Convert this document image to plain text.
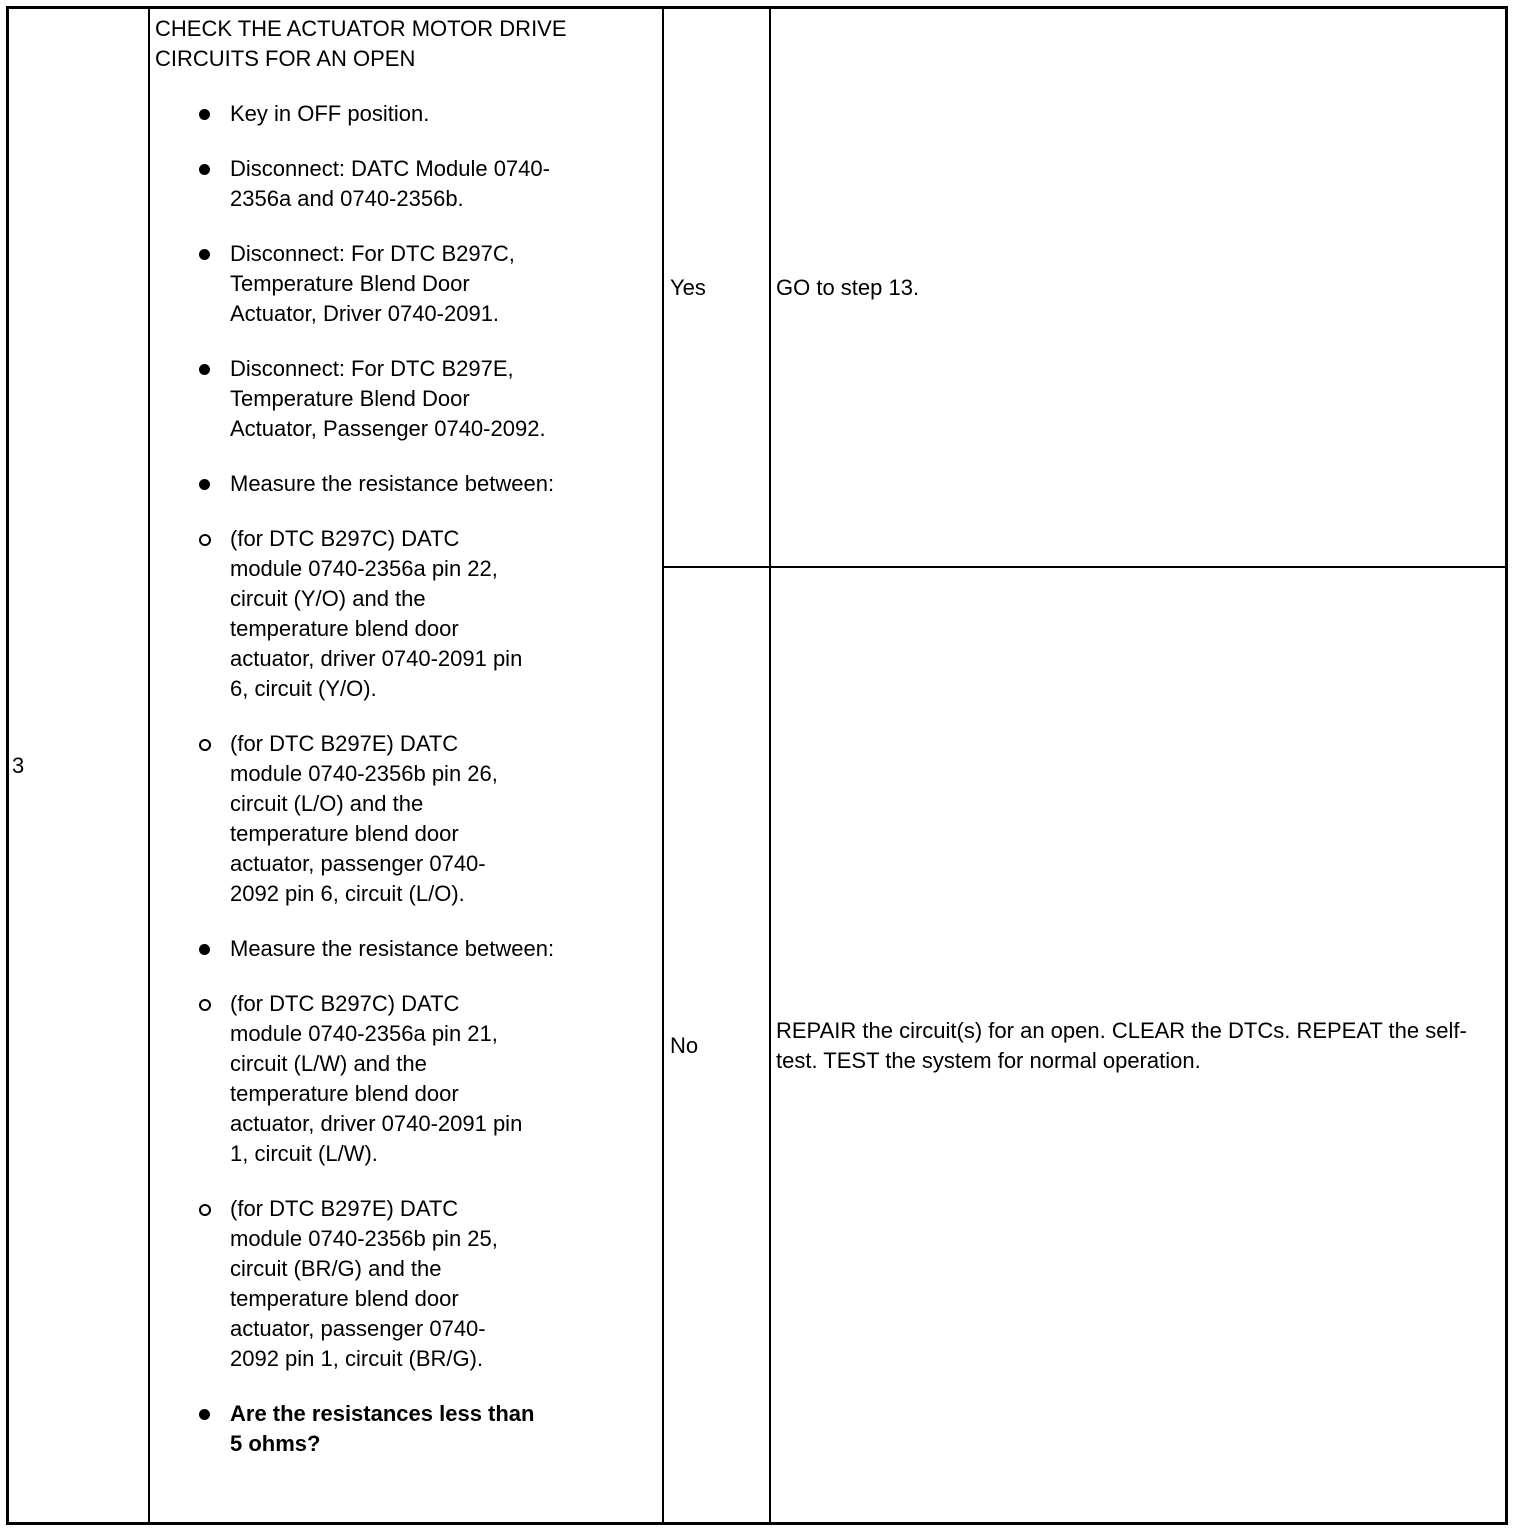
3
CHECK THE ACTUATOR MOTOR DRIVE CIRCUITS FOR AN OPEN
Key in OFF position.
Disconnect: DATC Module 0740-2356a and 0740-2356b.
Disconnect: For DTC B297C, Temperature Blend Door Actuator, Driver 0740-2091.
Disconnect: For DTC B297E, Temperature Blend Door Actuator, Passenger 0740-2092.
Measure the resistance between:
(for DTC B297C) DATC module 0740-2356a pin 22, circuit (Y/O) and the temperature blend door actuator, driver 0740-2091 pin 6, circuit (Y/O).
(for DTC B297E) DATC module 0740-2356b pin 26, circuit (L/O) and the temperature blend door actuator, passenger 0740-2092 pin 6, circuit (L/O).
Measure the resistance between:
(for DTC B297C) DATC module 0740-2356a pin 21, circuit (L/W) and the temperature blend door actuator, driver 0740-2091 pin 1, circuit (L/W).
(for DTC B297E) DATC module 0740-2356b pin 25, circuit (BR/G) and the temperature blend door actuator, passenger 0740-2092 pin 1, circuit (BR/G).
Are the resistances less than 5 ohms?
Yes	GO to step 13.
No
REPAIR the circuit(s) for an open. CLEAR the DTCs. REPEAT the self-test. TEST the system for normal operation.
